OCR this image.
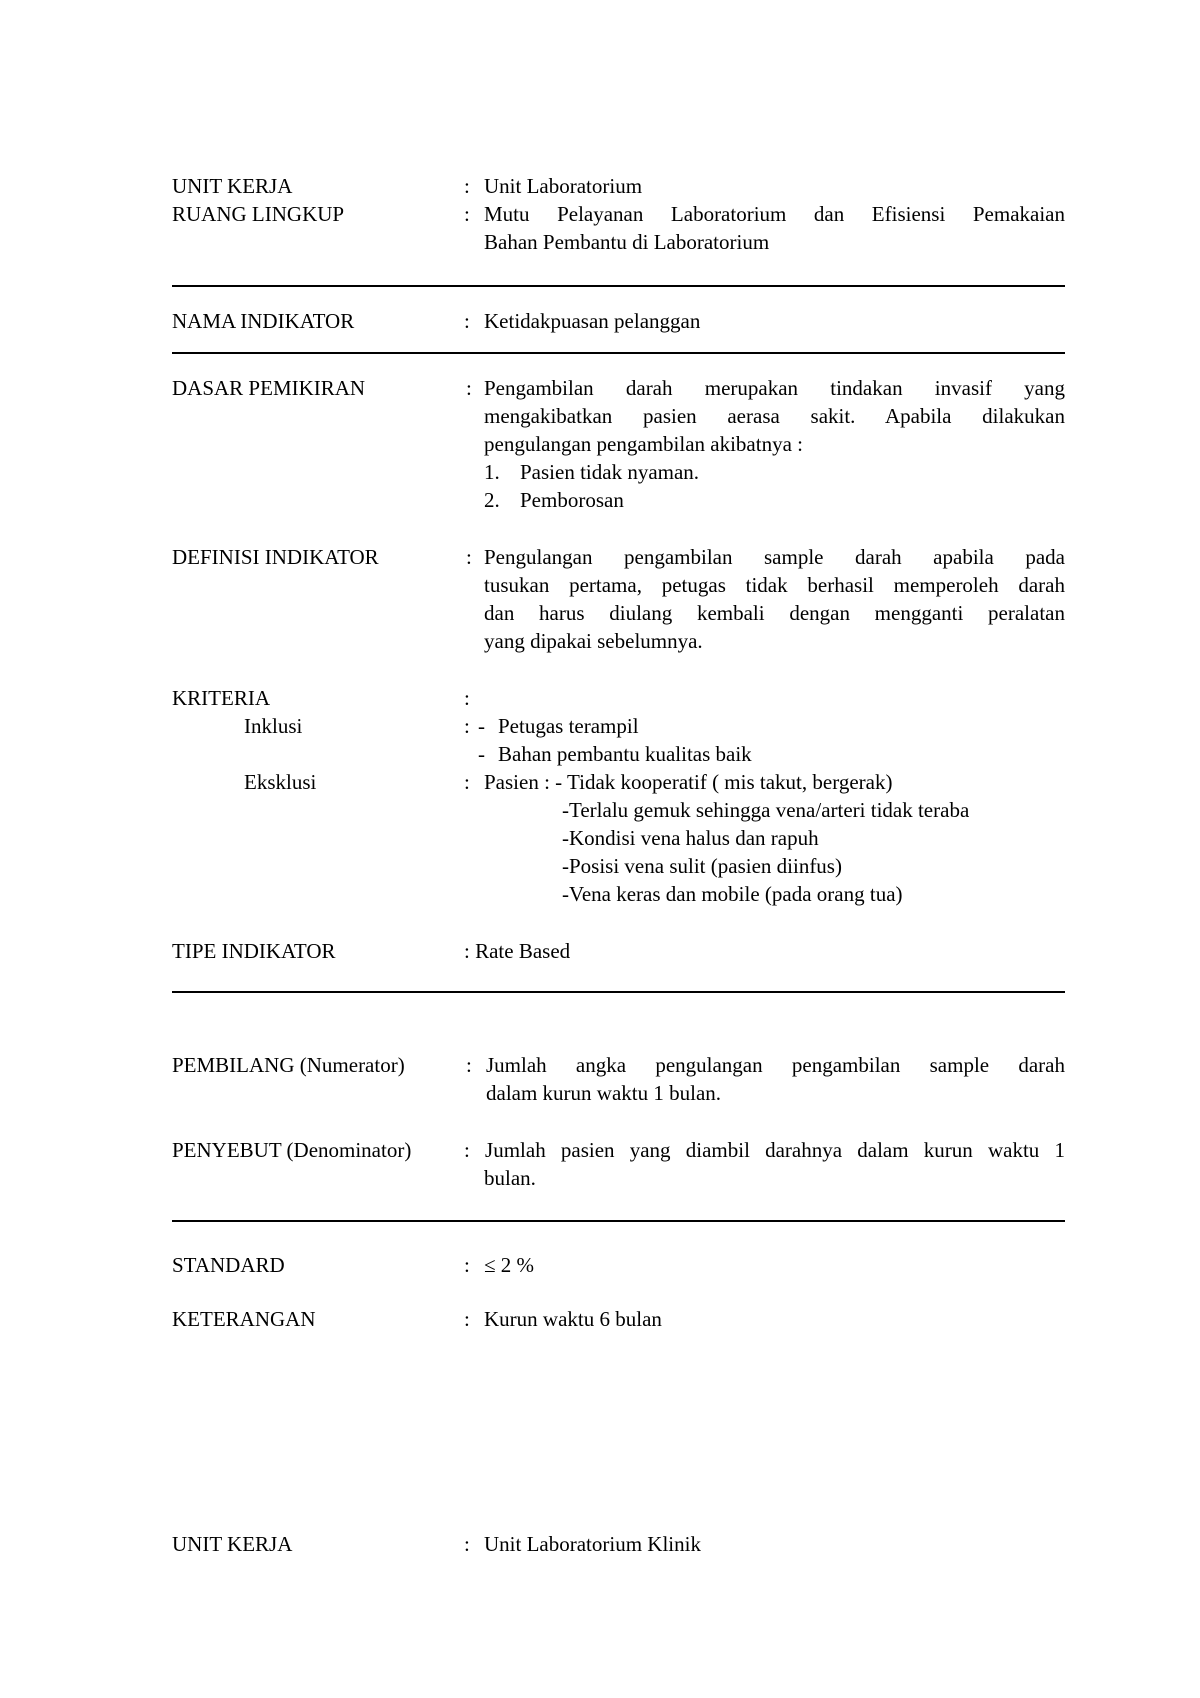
UNIT KERJA	: Unit Laboratorium
RUANG LINGKUP	: Mutu Pelayanan Laboratorium dan Efisiensi Pemakaian
Bahan Pembantu di Laboratorium
NAMA INDIKATOR	: Ketidakpuasan pelanggan
DASAR PEMIKIRAN	: Pengambilan darah merupakan tindakan invasif yang
mengakibatkan pasien aerasa sakit. Apabila dilakukan
pengulangan pengambilan akibatnya :
1. Pasien tidak nyaman.
2. Pemborosan
DEFINISI INDIKATOR	: Pengulangan pengambilan sample darah apabila pada
tusukan pertama, petugas tidak berhasil memperoleh darah
dan harus diulang kembali dengan mengganti peralatan
yang dipakai sebelumnya.
KRITERIA	:
Inklusi	: - Petugas terampil
- Bahan pembantu kualitas baik
Eksklusi	: Pasien : - Tidak kooperatif ( mis takut, bergerak)
-Terlalu gemuk sehingga vena/arteri tidak teraba
-Kondisi vena halus dan rapuh
-Posisi vena sulit (pasien diinfus)
-Vena keras dan mobile (pada orang tua)
TIPE INDIKATOR	: Rate Based
PEMBILANG (Numerator)	: Jumlah angka pengulangan pengambilan sample darah
dalam kurun waktu 1 bulan.
PENYEBUT (Denominator)	: Jumlah pasien yang diambil darahnya dalam kurun waktu 1
bulan.
STANDARD	: ≤ 2 %
KETERANGAN	: Kurun waktu 6 bulan
UNIT KERJA	: Unit Laboratorium Klinik
